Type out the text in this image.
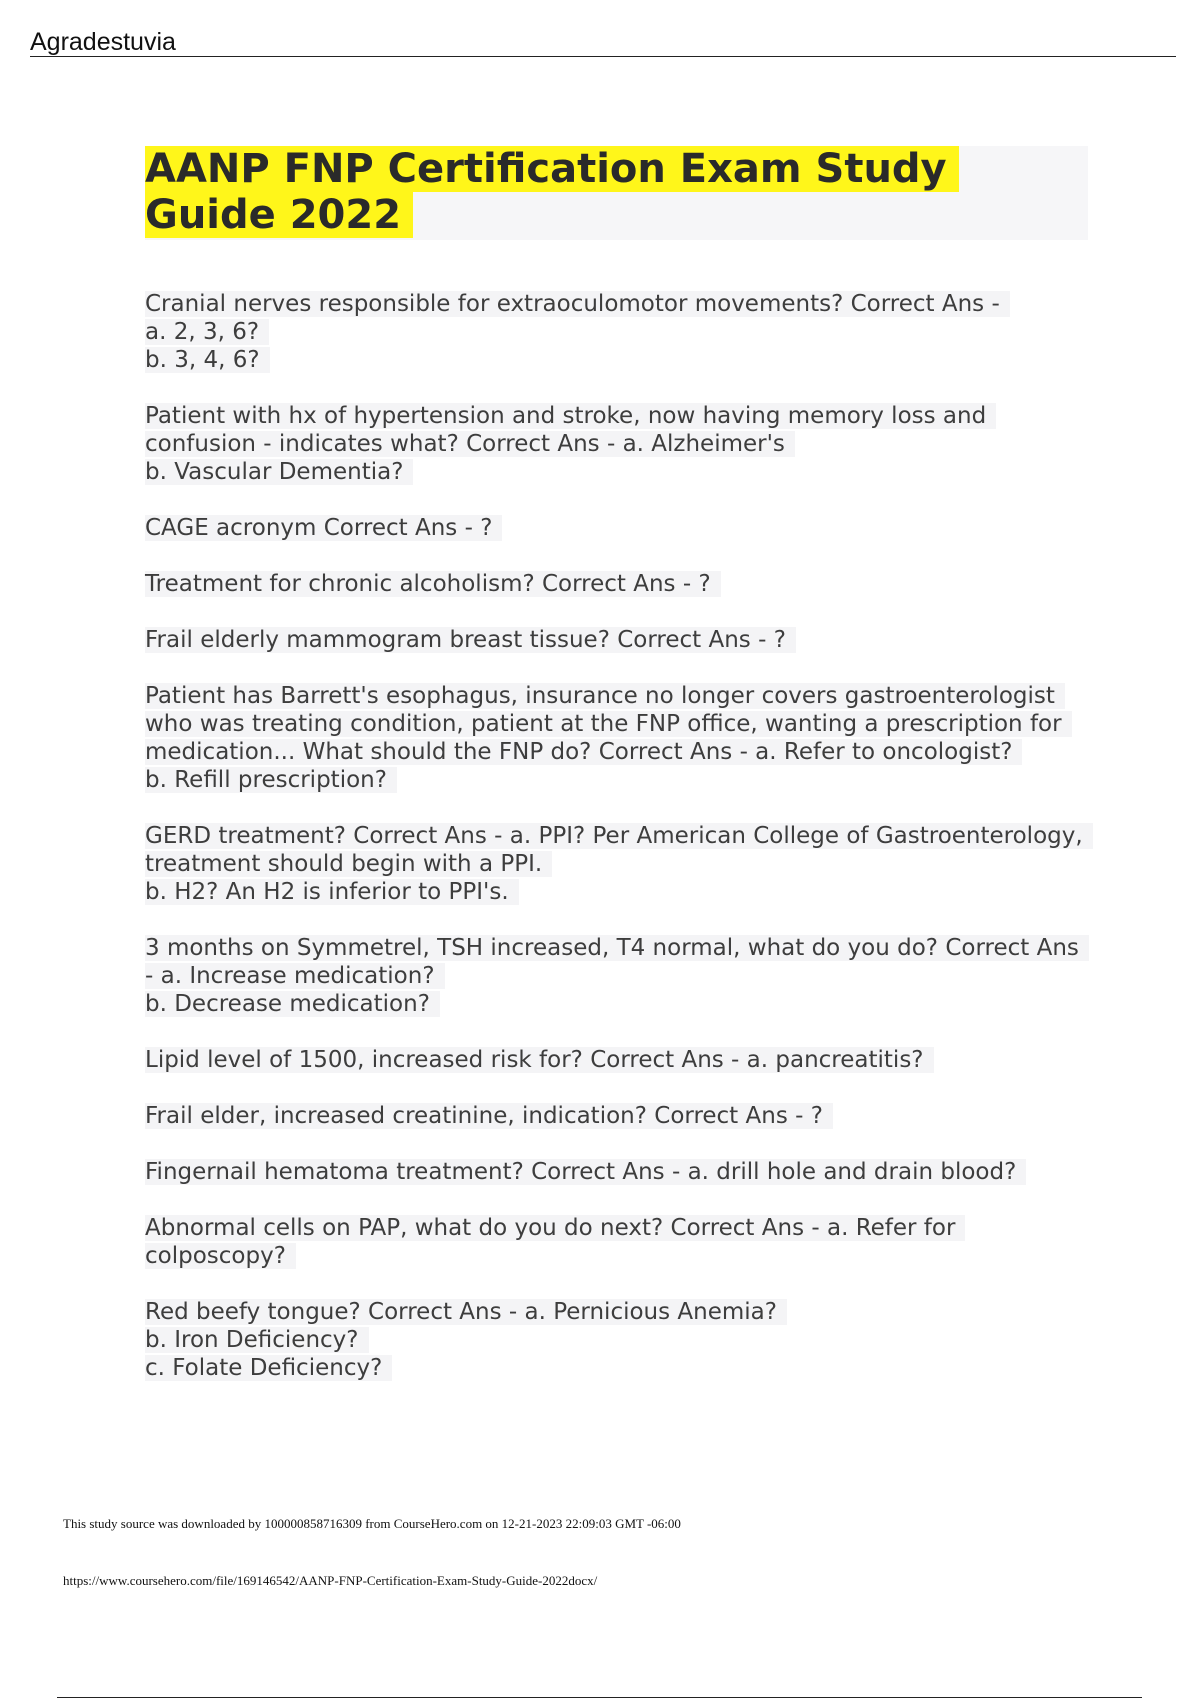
Agradestuvia
AANP FNP Certification Exam Study Guide 2022
Cranial nerves responsible for extraoculomotor movements? Correct Ans -
a. 2, 3, 6?
b. 3, 4, 6?
Patient with hx of hypertension and stroke, now having memory loss and confusion - indicates what? Correct Ans - a. Alzheimer's
b. Vascular Dementia?
CAGE acronym Correct Ans - ?
Treatment for chronic alcoholism? Correct Ans - ?
Frail elderly mammogram breast tissue? Correct Ans - ?
Patient has Barrett's esophagus, insurance no longer covers gastroenterologist who was treating condition, patient at the FNP office, wanting a prescription for medication... What should the FNP do? Correct Ans - a. Refer to oncologist?
b. Refill prescription?
GERD treatment? Correct Ans - a. PPI? Per American College of Gastroenterology, treatment should begin with a PPI.
b. H2? An H2 is inferior to PPI's.
3 months on Symmetrel, TSH increased, T4 normal, what do you do? Correct Ans - a. Increase medication?
b. Decrease medication?
Lipid level of 1500, increased risk for? Correct Ans - a. pancreatitis?
Frail elder, increased creatinine, indication? Correct Ans - ?
Fingernail hematoma treatment? Correct Ans - a. drill hole and drain blood?
Abnormal cells on PAP, what do you do next? Correct Ans - a. Refer for colposcopy?
Red beefy tongue? Correct Ans - a. Pernicious Anemia?
b. Iron Deficiency?
c. Folate Deficiency?
This study source was downloaded by 100000858716309 from CourseHero.com on 12-21-2023 22:09:03 GMT -06:00
https://www.coursehero.com/file/169146542/AANP-FNP-Certification-Exam-Study-Guide-2022docx/
